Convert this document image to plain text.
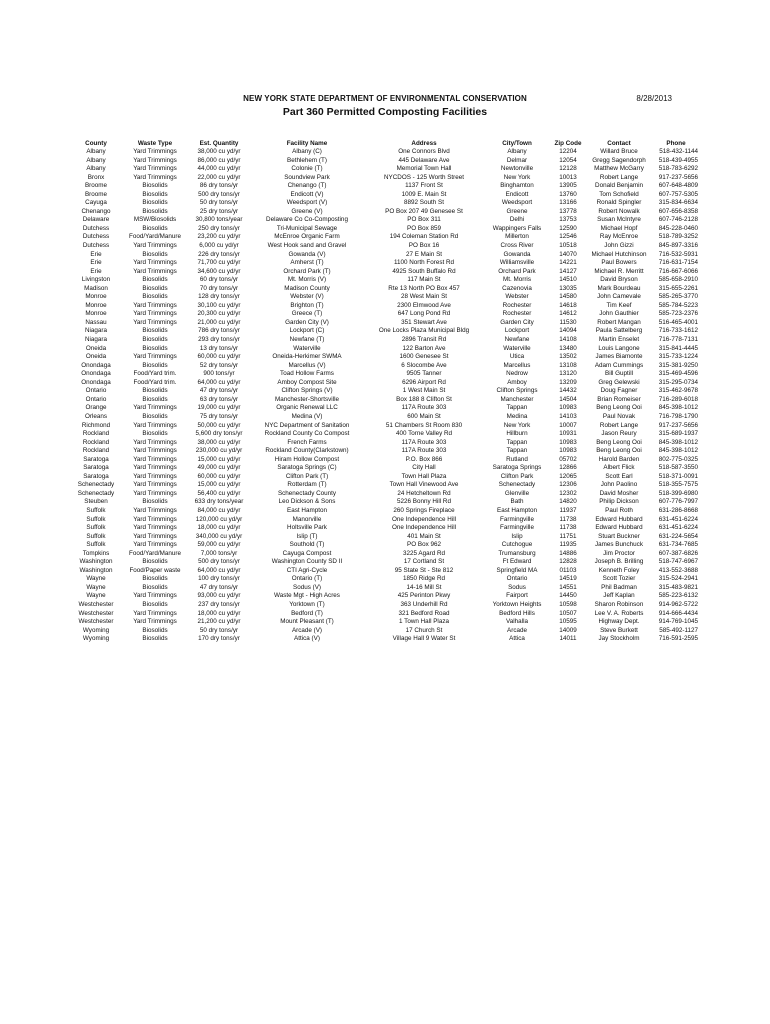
NEW YORK STATE DEPARTMENT OF ENVIRONMENTAL CONSERVATION	8/28/2013
Part 360 Permitted Composting Facilities
County	Waste Type	Est. Quantity	Facility Name	Address	City/Town	Zip Code	Contact	Phone
Albany	Yard Trimmings	38,000 cu yd/yr	Albany (C)	One Connors Blvd	Albany	12204	Willard Bruce	518-432-1144
Albany	Yard Trimmings	86,000 cu yd/yr	Bethlehem (T)	445 Delaware Ave	Delmar	12054	Gregg Sagendorph	518-439-4955
Albany	Yard Trimmings	44,000 cu yd/yr	Colonie (T)	Memorial Town Hall	Newtonville	12128	Matthew McGarry	518-783-6292
Bronx	Yard Trimmings	22,000 cu yd/yr	Soundview Park	NYCDOS - 125 Worth Street	New York	10013	Robert Lange	917-237-5656
Broome	Biosolids	86 dry tons/yr	Chenango (T)	1137 Front St	Binghamton	13905	Donald Benjamin	607-648-4809
Broome	Biosolids	500 dry tons/yr	Endicott (V)	1009 E. Main St	Endicott	13760	Tom Schofield	607-757-5305
Cayuga	Biosolids	50 dry tons/yr	Weedsport (V)	8892 South St	Weedsport	13166	Ronald Spingler	315-834-6634
Chenango	Biosolids	25 dry tons/yr	Greene (V)	PO Box 207 49 Genesee St	Greene	13778	Robert Nowalk	607-656-8358
Delaware	MSW/Biosolids	30,800 tons/year	Delaware Co Co-Composting	PO Box 311	Delhi	13753	Susan McIntyre	607-746-2128
Dutchess	Biosolids	250 dry tons/yr	Tri-Municipal Sewage	PO Box 859	Wappingers Falls	12590	Michael Hopf	845-228-0460
Dutchess	Food/Yard/Manure	23,200 cu yd/yr	McEnroe Organic Farm	194 Coleman Station Rd	Millerton	12546	Ray McEnroe	518-789-3252
Dutchess	Yard Trimmings	6,000 cu yd/yr	West Hook sand and Gravel	PO Box 16	Cross River	10518	John Gizzi	845-897-3316
Erie	Biosolids	226 dry tons/yr	Gowanda (V)	27 E Main St	Gowanda	14070	Michael Hutchinson	716-532-5931
Erie	Yard Trimmings	71,700 cu yd/yr	Amherst (T)	1100 North Forest Rd	Williamsville	14221	Paul Bowers	716-631-7154
Erie	Yard Trimmings	34,600 cu yd/yr	Orchard Park (T)	4925 South Buffalo Rd	Orchard Park	14127	Michael R. Merritt	716-667-6066
Livingston	Biosolids	60 dry tons/yr	Mt. Morris (V)	117 Main St	Mt. Morris	14510	David Bryson	585-658-2910
Madison	Biosolids	70 dry tons/yr	Madison County	Rte 13 North PO Box 457	Cazenovia	13035	Mark Bourdeau	315-655-2261
Monroe	Biosolids	128 dry tons/yr	Webster (V)	28 West Main St	Webster	14580	John Camevale	585-265-3770
Monroe	Yard Trimmings	30,100 cu yd/yr	Brighton (T)	2300 Elmwood Ave	Rochester	14618	Tim Keef	585-784-5223
Monroe	Yard Trimmings	20,300 cu yd/yr	Greece (T)	647 Long Pond Rd	Rochester	14612	John Gauthier	585-723-2376
Nassau	Yard Trimmings	21,000 cu yd/yr	Garden City (V)	351 Stewart Ave	Garden City	11530	Robert Mangan	516-465-4001
Niagara	Biosolids	786 dry tons/yr	Lockport (C)	One Locks Plaza Municipal Bldg	Lockport	14094	Paula Sattelberg	716-733-1612
Niagara	Biosolids	293 dry tons/yr	Newfane (T)	2896 Transit Rd	Newfane	14108	Martin Enselet	716-778-7131
Oneida	Biosolids	13 dry tons/yr	Waterville	122 Barton Ave	Waterville	13480	Louis Langone	315-841-4445
Oneida	Yard Trimmings	60,000 cu yd/yr	Oneida-Herkimer SWMA	1600 Genesee St	Utica	13502	James Biamonte	315-733-1224
Onondaga	Biosolids	52 dry tons/yr	Marcellus (V)	6 Slocombe Ave	Marcellus	13108	Adam Cummings	315-381-9250
Onondaga	Food/Yard trim.	900 tons/yr	Toad Hollow Farms	9505 Tanner	Nedrow	13120	Bill Guptill	315-469-4596
Onondaga	Food/Yard trim.	64,000 cu yd/yr	Amboy Compost Site	6296 Airport Rd	Amboy	13209	Greg Gelewski	315-295-0734
Ontario	Biosolids	47 dry tons/yr	Clifton Springs (V)	1 West Main St	Clifton Springs	14432	Doug Fagner	315-462-9678
Ontario	Biosolids	63 dry tons/yr	Manchester-Shortsville	Box 188 8 Clifton St	Manchester	14504	Brian Romeiser	716-289-6018
Orange	Yard Trimmings	19,000 cu yd/yr	Organic Renewal LLC	117A Route 303	Tappan	10983	Beng Leong Ooi	845-398-1012
Orleans	Biosolids	75 dry tons/yr	Medina (V)	600 Main St	Medina	14103	Paul Novak	716-798-1790
Richmond	Yard Trimmings	50,000 cu yd/yr	NYC Department of Sanitation	51 Chambers St Room 830	New York	10007	Robert Lange	917-237-5656
Rockland	Biosolids	5,600 dry tons/yr	Rockland County Co Compost	400 Torne Valley Rd	Hillburn	10931	Jason Reury	315-689-1937
Rockland	Yard Trimmings	38,000 cu yd/yr	French Farms	117A Route 303	Tappan	10983	Beng Leong Ooi	845-398-1012
Rockland	Yard Trimmings	230,000 cu yd/yr	Rockland County(Clarkstown)	117A Route 303	Tappan	10983	Beng Leong Ooi	845-398-1012
Saratoga	Yard Trimmings	15,000 cu yd/yr	Hiram Hollow Compost	P.O. Box 866	Rutland	05702	Harold Barden	802-775-0325
Saratoga	Yard Trimmings	49,000 cu yd/yr	Saratoga Springs (C)	City Hall	Saratoga Springs	12866	Albert Flick	518-587-3550
Saratoga	Yard Trimmings	60,000 cu yd/yr	Clifton Park (T)	Town Hall Plaza	Clifton Park	12065	Scott Earl	518-371-0091
Schenectady	Yard Trimmings	15,000 cu yd/yr	Rotterdam (T)	Town Hall Vinewood Ave	Schenectady	12306	John Paolino	518-355-7575
Schenectady	Yard Trimmings	56,400 cu yd/yr	Schenectady County	24 Hetcheltown Rd	Glenville	12302	David Mosher	518-399-6980
Steuben	Biosolids	633 dry tons/year	Leo Dickson & Sons	5226 Bonny Hill Rd	Bath	14820	Philip Dickson	607-776-7997
Suffolk	Yard Trimmings	84,000 cu yd/yr	East Hampton	260 Springs Fireplace	East Hampton	11937	Paul Roth	631-286-8668
Suffolk	Yard Trimmings	120,000 cu yd/yr	Manorville	One Independence Hill	Farmingville	11738	Edward Hubbard	631-451-6224
Suffolk	Yard Trimmings	18,000 cu yd/yr	Holtsville Park	One Independence Hill	Farmingville	11738	Edward Hubbard	631-451-6224
Suffolk	Yard Trimmings	340,000 cu yd/yr	Islip (T)	401 Main St	Islip	11751	Stuart Buckner	631-224-5654
Suffolk	Yard Trimmings	59,000 cu yd/yr	Southold (T)	PO Box 962	Cutchogue	11935	James Bunchuck	631-734-7685
Tompkins	Food/Yard/Manure	7,000 tons/yr	Cayuga Compost	3225 Agard Rd	Trumansburg	14886	Jim Proctor	607-387-6826
Washington	Biosolids	500 dry tons/yr	Washington County SD II	17 Cortland St	Ft Edward	12828	Joseph B. Brilling	518-747-6967
Washington	Food/Paper waste	64,000 cu yd/yr	CTI Agri-Cycle	95 State St - Ste 812	Springfield MA	01103	Kenneth Foley	413-552-3688
Wayne	Biosolids	100 dry tons/yr	Ontario (T)	1850 Ridge Rd	Ontario	14519	Scott Tozier	315-524-2941
Wayne	Biosolids	47 dry tons/yr	Sodus (V)	14-16 Mill St	Sodus	14551	Phil Badman	315-483-9821
Wayne	Yard Trimmings	93,000 cu yd/yr	Waste Mgt - High Acres	425 Perinton Pkwy	Fairport	14450	Jeff Kaplan	585-223-6132
Westchester	Biosolids	237 dry tons/yr	Yorktown (T)	363 Underhill Rd	Yorktown Heights	10598	Sharon Robinson	914-962-5722
Westchester	Yard Trimmings	18,000 cu yd/yr	Bedford (T)	321 Bedford Road	Bedford Hills	10507	Lee V. A. Roberts	914-666-4434
Westchester	Yard Trimmings	21,200 cu yd/yr	Mount Pleasant (T)	1 Town Hall Plaza	Valhalla	10595	Highway Dept.	914-769-1045
Wyoming	Biosolids	50 dry tons/yr	Arcade (V)	17 Church St	Arcade	14009	Steve Burkett	585-492-1127
Wyoming	Biosolids	170 dry tons/yr	Attica (V)	Village Hall 9 Water St	Attica	14011	Jay Stockholm	716-591-2595
